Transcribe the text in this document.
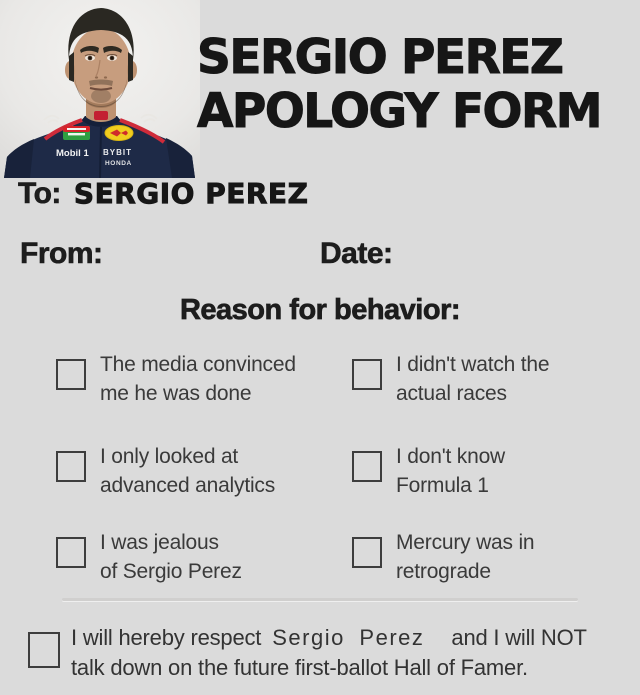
Mobil 1 BYBIT
HONDA
SERGIO PEREZ
APOLOGY FORM
To: SERGIO PEREZ
From:	Date:
Reason for behavior:
The media convinced
me he was done
I didn't watch the
actual races
I only looked at
advanced analytics
I don't know
Formula 1
I was jealous
of Sergio Perez
Mercury was in
retrograde
I will hereby respect Sergio Perez and I will NOT
talk down on the future first-ballot Hall of Famer.
